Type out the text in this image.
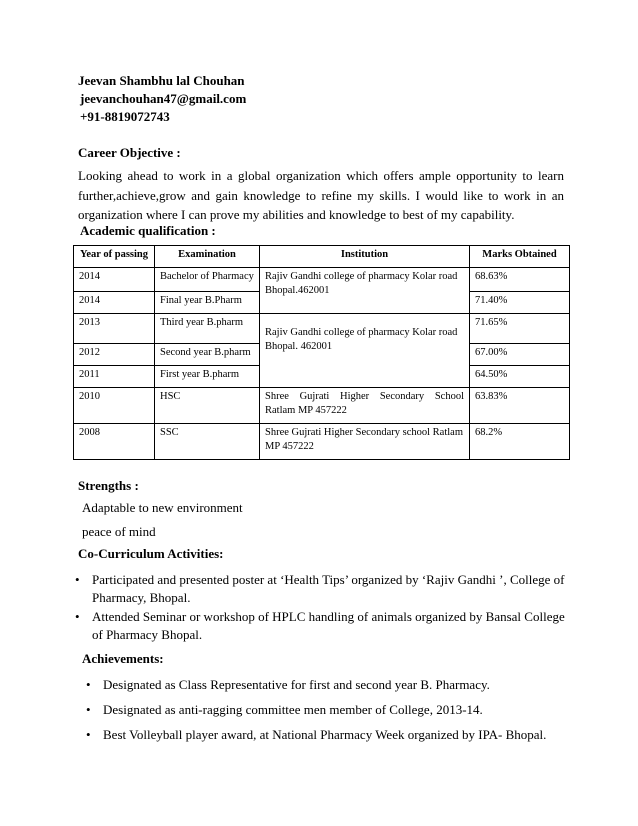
Jeevan Shambhu lal Chouhan
jeevanchouhan47@gmail.com
+91-8819072743
Career Objective :
Looking ahead to work in a global organization which offers ample opportunity to learn further,achieve,grow and gain knowledge to refine my skills. I would like to work in an organization where I can prove my abilities and knowledge to best of my capability.
Academic qualification :
Year of passing	Examination	Institution	Marks Obtained
2014	Bachelor of Pharmacy	Rajiv Gandhi college of pharmacy Kolar road Bhopal.462001	68.63%
2014	Final year B.Pharm		71.40%
2013	Third year B.pharm	Rajiv Gandhi college of pharmacy Kolar road Bhopal. 462001	71.65%
2012	Second year B.pharm		67.00%
2011	First year B.pharm		64.50%
2010	HSC	Shree Gujrati Higher Secondary School Ratlam MP 457222	63.83%
2008	SSC	Shree Gujrati Higher Secondary school Ratlam MP 457222	68.2%
Strengths :
Adaptable to new environment
peace of mind
Co-Curriculum Activities:
• Participated and presented poster at ‘Health Tips’ organized by ‘Rajiv Gandhi ’, College of Pharmacy, Bhopal.
• Attended Seminar or workshop of HPLC handling of animals organized by Bansal College of Pharmacy Bhopal.
Achievements:
• Designated as Class Representative for first and second year B. Pharmacy.
• Designated as anti-ragging committee men member of College, 2013-14.
• Best Volleyball player award, at National Pharmacy Week organized by IPA- Bhopal.
